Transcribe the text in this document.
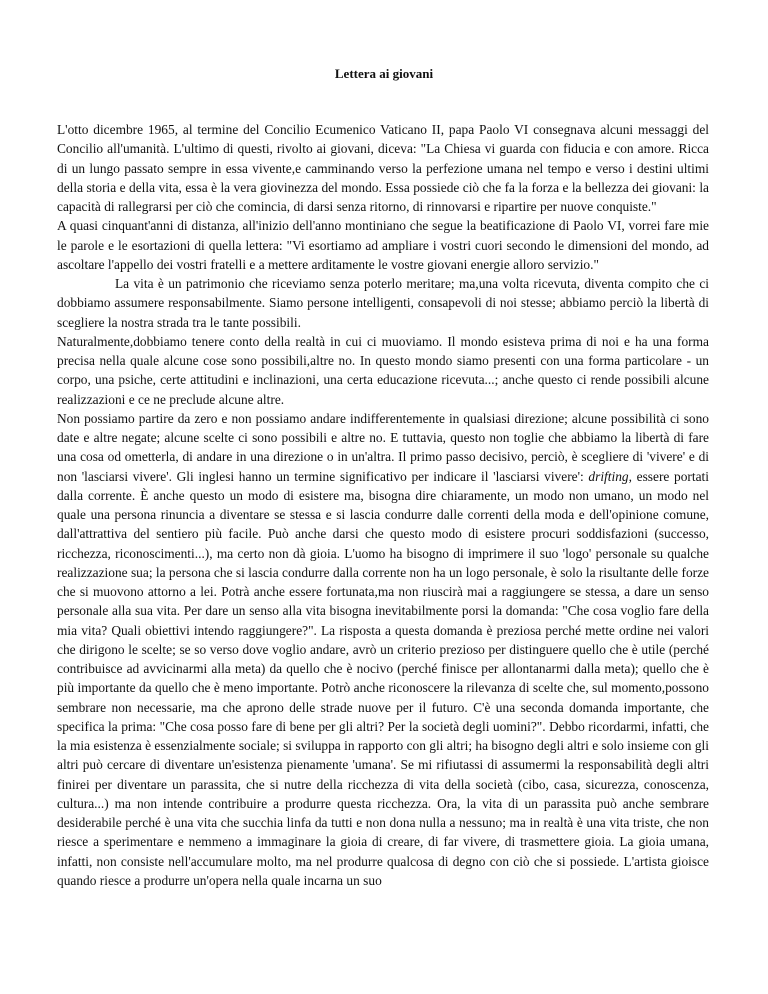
Lettera ai giovani

L'otto dicembre 1965, al termine del Concilio Ecumenico Vaticano II, papa Paolo VI consegnava alcuni messaggi del Concilio all'umanità. L'ultimo di questi, rivolto ai giovani, diceva: "La Chiesa vi guarda con fiducia e con amore. Ricca di un lungo passato sempre in essa vivente,e camminando verso la perfezione umana nel tempo e verso i destini ultimi della storia e della vita, essa è la vera giovinezza del mondo. Essa possiede ciò che fa la forza e la bellezza dei giovani: la capacità di rallegrarsi per ciò che comincia, di darsi senza ritorno, di rinnovarsi e ripartire per nuove conquiste."

A quasi cinquant'anni di distanza, all'inizio dell'anno montiniano che segue la beatificazione di Paolo VI, vorrei fare mie le parole e le esortazioni di quella lettera: "Vi esortiamo ad ampliare i vostri cuori secondo le dimensioni del mondo, ad ascoltare l'appello dei vostri fratelli e a mettere arditamente le vostre giovani energie alloro servizio."

La vita è un patrimonio che riceviamo senza poterlo meritare; ma,una volta ricevuta, diventa compito che ci dobbiamo assumere responsabilmente. Siamo persone intelligenti, consapevoli di noi stesse; abbiamo perciò la libertà di scegliere la nostra strada tra le tante possibili.

Naturalmente,dobbiamo tenere conto della realtà in cui ci muoviamo. Il mondo esisteva prima di noi e ha una forma precisa nella quale alcune cose sono possibili,altre no. In questo mondo siamo presenti con una forma particolare - un corpo, una psiche, certe attitudini e inclinazioni, una certa educazione ricevuta...; anche questo ci rende possibili alcune realizzazioni e ce ne preclude alcune altre.

Non possiamo partire da zero e non possiamo andare indifferentemente in qualsiasi direzione; alcune possibilità ci sono date e altre negate; alcune scelte ci sono possibili e altre no. E tuttavia, questo non toglie che abbiamo la libertà di fare una cosa od ometterla, di andare in una direzione o in un'altra. Il primo passo decisivo, perciò, è scegliere di 'vivere' e di non 'lasciarsi vivere'. Gli inglesi hanno un termine significativo per indicare il 'lasciarsi vivere': drifting, essere portati dalla corrente. È anche questo un modo di esistere ma, bisogna dire chiaramente, un modo non umano, un modo nel quale una persona rinuncia a diventare se stessa e si lascia condurre dalle correnti della moda e dell'opinione comune, dall'attrattiva del sentiero più facile. Può anche darsi che questo modo di esistere procuri soddisfazioni (successo, ricchezza, riconoscimenti...), ma certo non dà gioia. L'uomo ha bisogno di imprimere il suo 'logo' personale su qualche realizzazione sua; la persona che si lascia condurre dalla corrente non ha un logo personale, è solo la risultante delle forze che si muovono attorno a lei. Potrà anche essere fortunata,ma non riuscirà mai a raggiungere se stessa, a dare un senso personale alla sua vita. Per dare un senso alla vita bisogna inevitabilmente porsi la domanda: "Che cosa voglio fare della mia vita? Quali obiettivi intendo raggiungere?". La risposta a questa domanda è preziosa perché mette ordine nei valori che dirigono le scelte; se so verso dove voglio andare, avrò un criterio prezioso per distinguere quello che è utile (perché contribuisce ad avvicinarmi alla meta) da quello che è nocivo (perché finisce per allontanarmi dalla meta); quello che è più importante da quello che è meno importante. Potrò anche riconoscere la rilevanza di scelte che, sul momento,possono sembrare non necessarie, ma che aprono delle strade nuove per il futuro. C'è una seconda domanda importante, che specifica la prima: "Che cosa posso fare di bene per gli altri? Per la società degli uomini?". Debbo ricordarmi, infatti, che la mia esistenza è essenzialmente sociale; si sviluppa in rapporto con gli altri; ha bisogno degli altri e solo insieme con gli altri può cercare di diventare un'esistenza pienamente 'umana'. Se mi rifiutassi di assumermi la responsabilità degli altri finirei per diventare un parassita, che si nutre della ricchezza di vita della società (cibo, casa, sicurezza, conoscenza, cultura...) ma non intende contribuire a produrre questa ricchezza. Ora, la vita di un parassita può anche sembrare desiderabile perché è una vita che succhia linfa da tutti e non dona nulla a nessuno; ma in realtà è una vita triste, che non riesce a sperimentare e nemmeno a immaginare la gioia di creare, di far vivere, di trasmettere gioia. La gioia umana, infatti, non consiste nell'accumulare molto, ma nel produrre qualcosa di degno con ciò che si possiede. L'artista gioisce quando riesce a produrre un'opera nella quale incarna un suo
